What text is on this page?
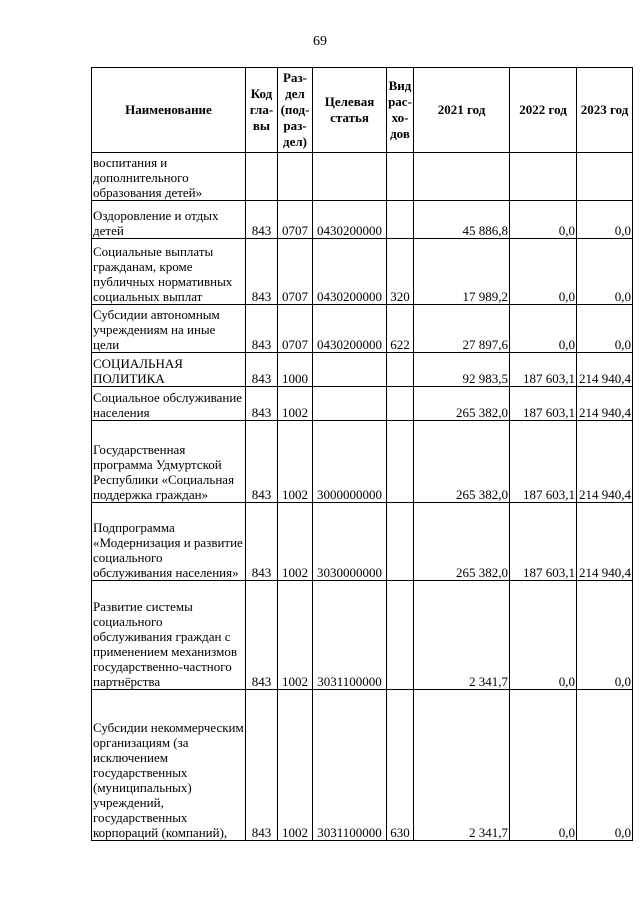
69
Наименование	Код гла- вы	Раз- дел (под- раз- дел)	Целевая статья	Вид рас- хо- дов	2021 год	2022 год	2023 год
воспитания и дополнительного образования детей»							
Оздоровление и отдых детей	843	0707	0430200000		45 886,8	0,0	0,0
Социальные выплаты гражданам, кроме публичных нормативных социальных выплат	843	0707	0430200000	320	17 989,2	0,0	0,0
Субсидии автономным учреждениям на иные цели	843	0707	0430200000	622	27 897,6	0,0	0,0
СОЦИАЛЬНАЯ ПОЛИТИКА	843	1000			92 983,5	187 603,1	214 940,4
Социальное обслуживание населения	843	1002			265 382,0	187 603,1	214 940,4
Государственная программа Удмуртской Республики «Социальная поддержка граждан»	843	1002	3000000000		265 382,0	187 603,1	214 940,4
Подпрограмма «Модернизация и развитие социального обслуживания населения»	843	1002	3030000000		265 382,0	187 603,1	214 940,4
Развитие системы социального обслуживания граждан с применением механизмов государственно-частного партнёрства	843	1002	3031100000		2 341,7	0,0	0,0
Субсидии некоммерческим организациям (за исключением государственных (муниципальных) учреждений, государственных корпораций (компаний),	843	1002	3031100000	630	2 341,7	0,0	0,0
